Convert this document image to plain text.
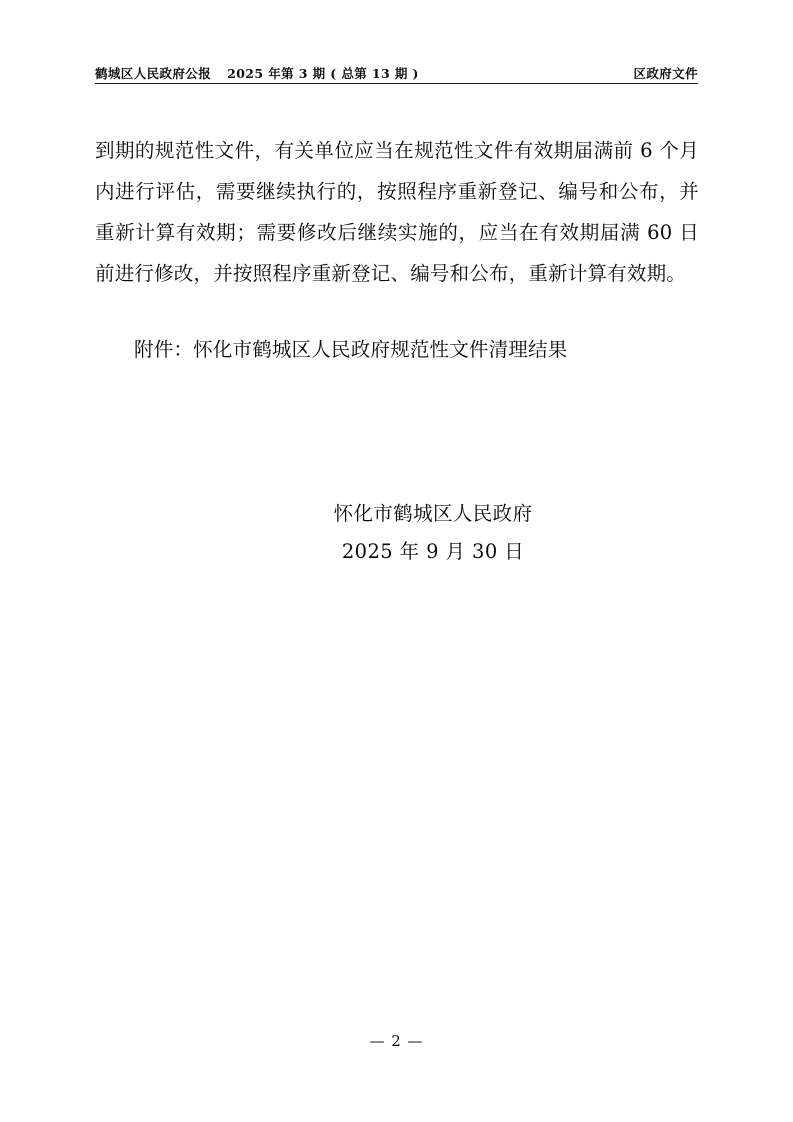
鹤城区人民政府公报 2025 年第 3 期 ( 总第 13 期 )	区政府文件

到期的规范性文件，有关单位应当在规范性文件有效期届满前 6 个月内进行评估，需要继续执行的，按照程序重新登记、编号和公布，并重新计算有效期；需要修改后继续实施的，应当在有效期届满 60 日前进行修改，并按照程序重新登记、编号和公布，重新计算有效期。

附件：怀化市鹤城区人民政府规范性文件清理结果

怀化市鹤城区人民政府
2025 年 9 月 30 日
— 2 —
